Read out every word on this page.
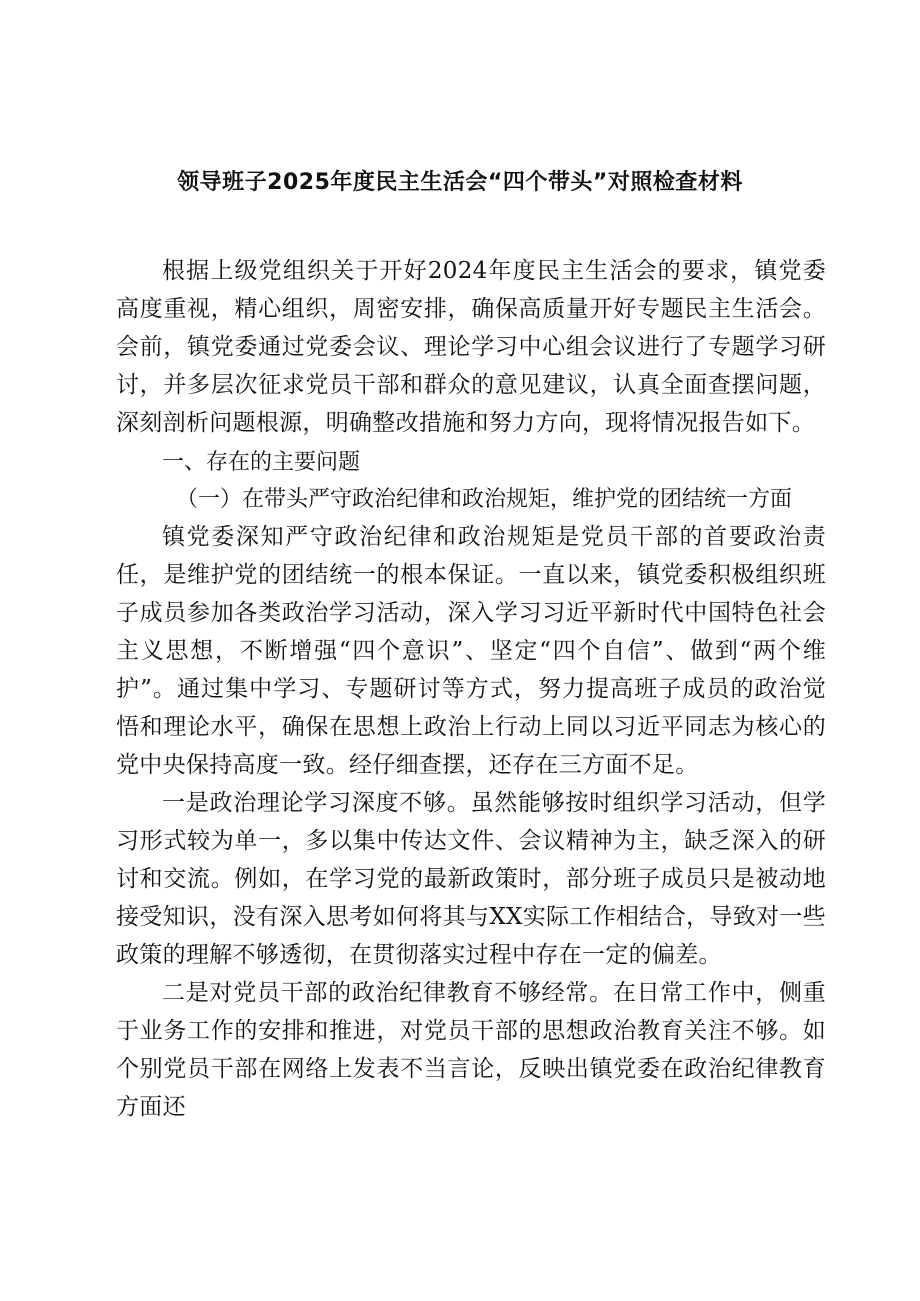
领导班子2025年度民主生活会“四个带头”对照检查材料

根据上级党组织关于开好2024年度民主生活会的要求，镇党委高度重视，精心组织，周密安排，确保高质量开好专题民主生活会。会前，镇党委通过党委会议、理论学习中心组会议进行了专题学习研讨，并多层次征求党员干部和群众的意见建议，认真全面查摆问题，深刻剖析问题根源，明确整改措施和努力方向，现将情况报告如下。

一、存在的主要问题

（一）在带头严守政治纪律和政治规矩，维护党的团结统一方面

镇党委深知严守政治纪律和政治规矩是党员干部的首要政治责任，是维护党的团结统一的根本保证。一直以来，镇党委积极组织班子成员参加各类政治学习活动，深入学习习近平新时代中国特色社会主义思想，不断增强“四个意识”、坚定“四个自信”、做到“两个维护”。通过集中学习、专题研讨等方式，努力提高班子成员的政治觉悟和理论水平，确保在思想上政治上行动上同以习近平同志为核心的党中央保持高度一致。经仔细查摆，还存在三方面不足。

一是政治理论学习深度不够。虽然能够按时组织学习活动，但学习形式较为单一，多以集中传达文件、会议精神为主，缺乏深入的研讨和交流。例如，在学习党的最新政策时，部分班子成员只是被动地接受知识，没有深入思考如何将其与XX实际工作相结合，导致对一些政策的理解不够透彻，在贯彻落实过程中存在一定的偏差。

二是对党员干部的政治纪律教育不够经常。在日常工作中，侧重于业务工作的安排和推进，对党员干部的思想政治教育关注不够。如个别党员干部在网络上发表不当言论，反映出镇党委在政治纪律教育方面还
